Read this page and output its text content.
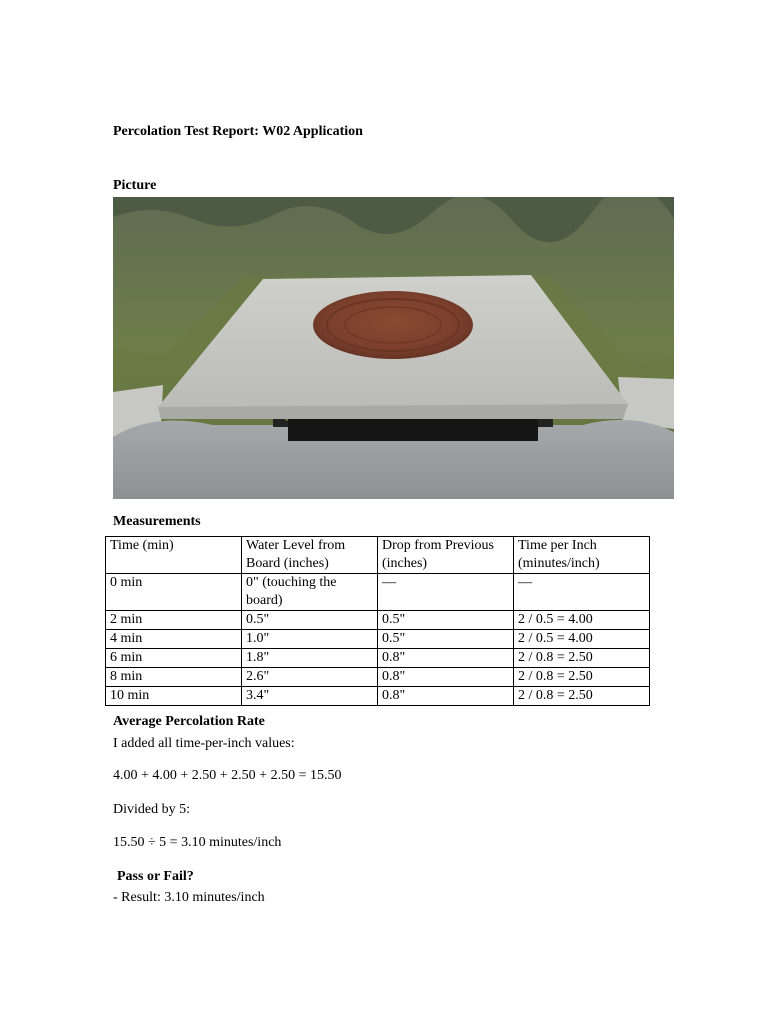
Percolation Test Report: W02 Application
Picture
Measurements
Time (min)	Water Level from Board (inches)	Drop from Previous (inches)	Time per Inch (minutes/inch)
0 min	0" (touching the board)	—	—
2 min	0.5"	0.5"	2 / 0.5 = 4.00
4 min	1.0"	0.5"	2 / 0.5 = 4.00
6 min	1.8"	0.8"	2 / 0.8 = 2.50
8 min	2.6"	0.8"	2 / 0.8 = 2.50
10 min	3.4"	0.8"	2 / 0.8 = 2.50
Average Percolation Rate
I added all time-per-inch values:
4.00 + 4.00 + 2.50 + 2.50 + 2.50 = 15.50
Divided by 5:
15.50 ÷ 5 = 3.10 minutes/inch
Pass or Fail?
- Result: 3.10 minutes/inch
